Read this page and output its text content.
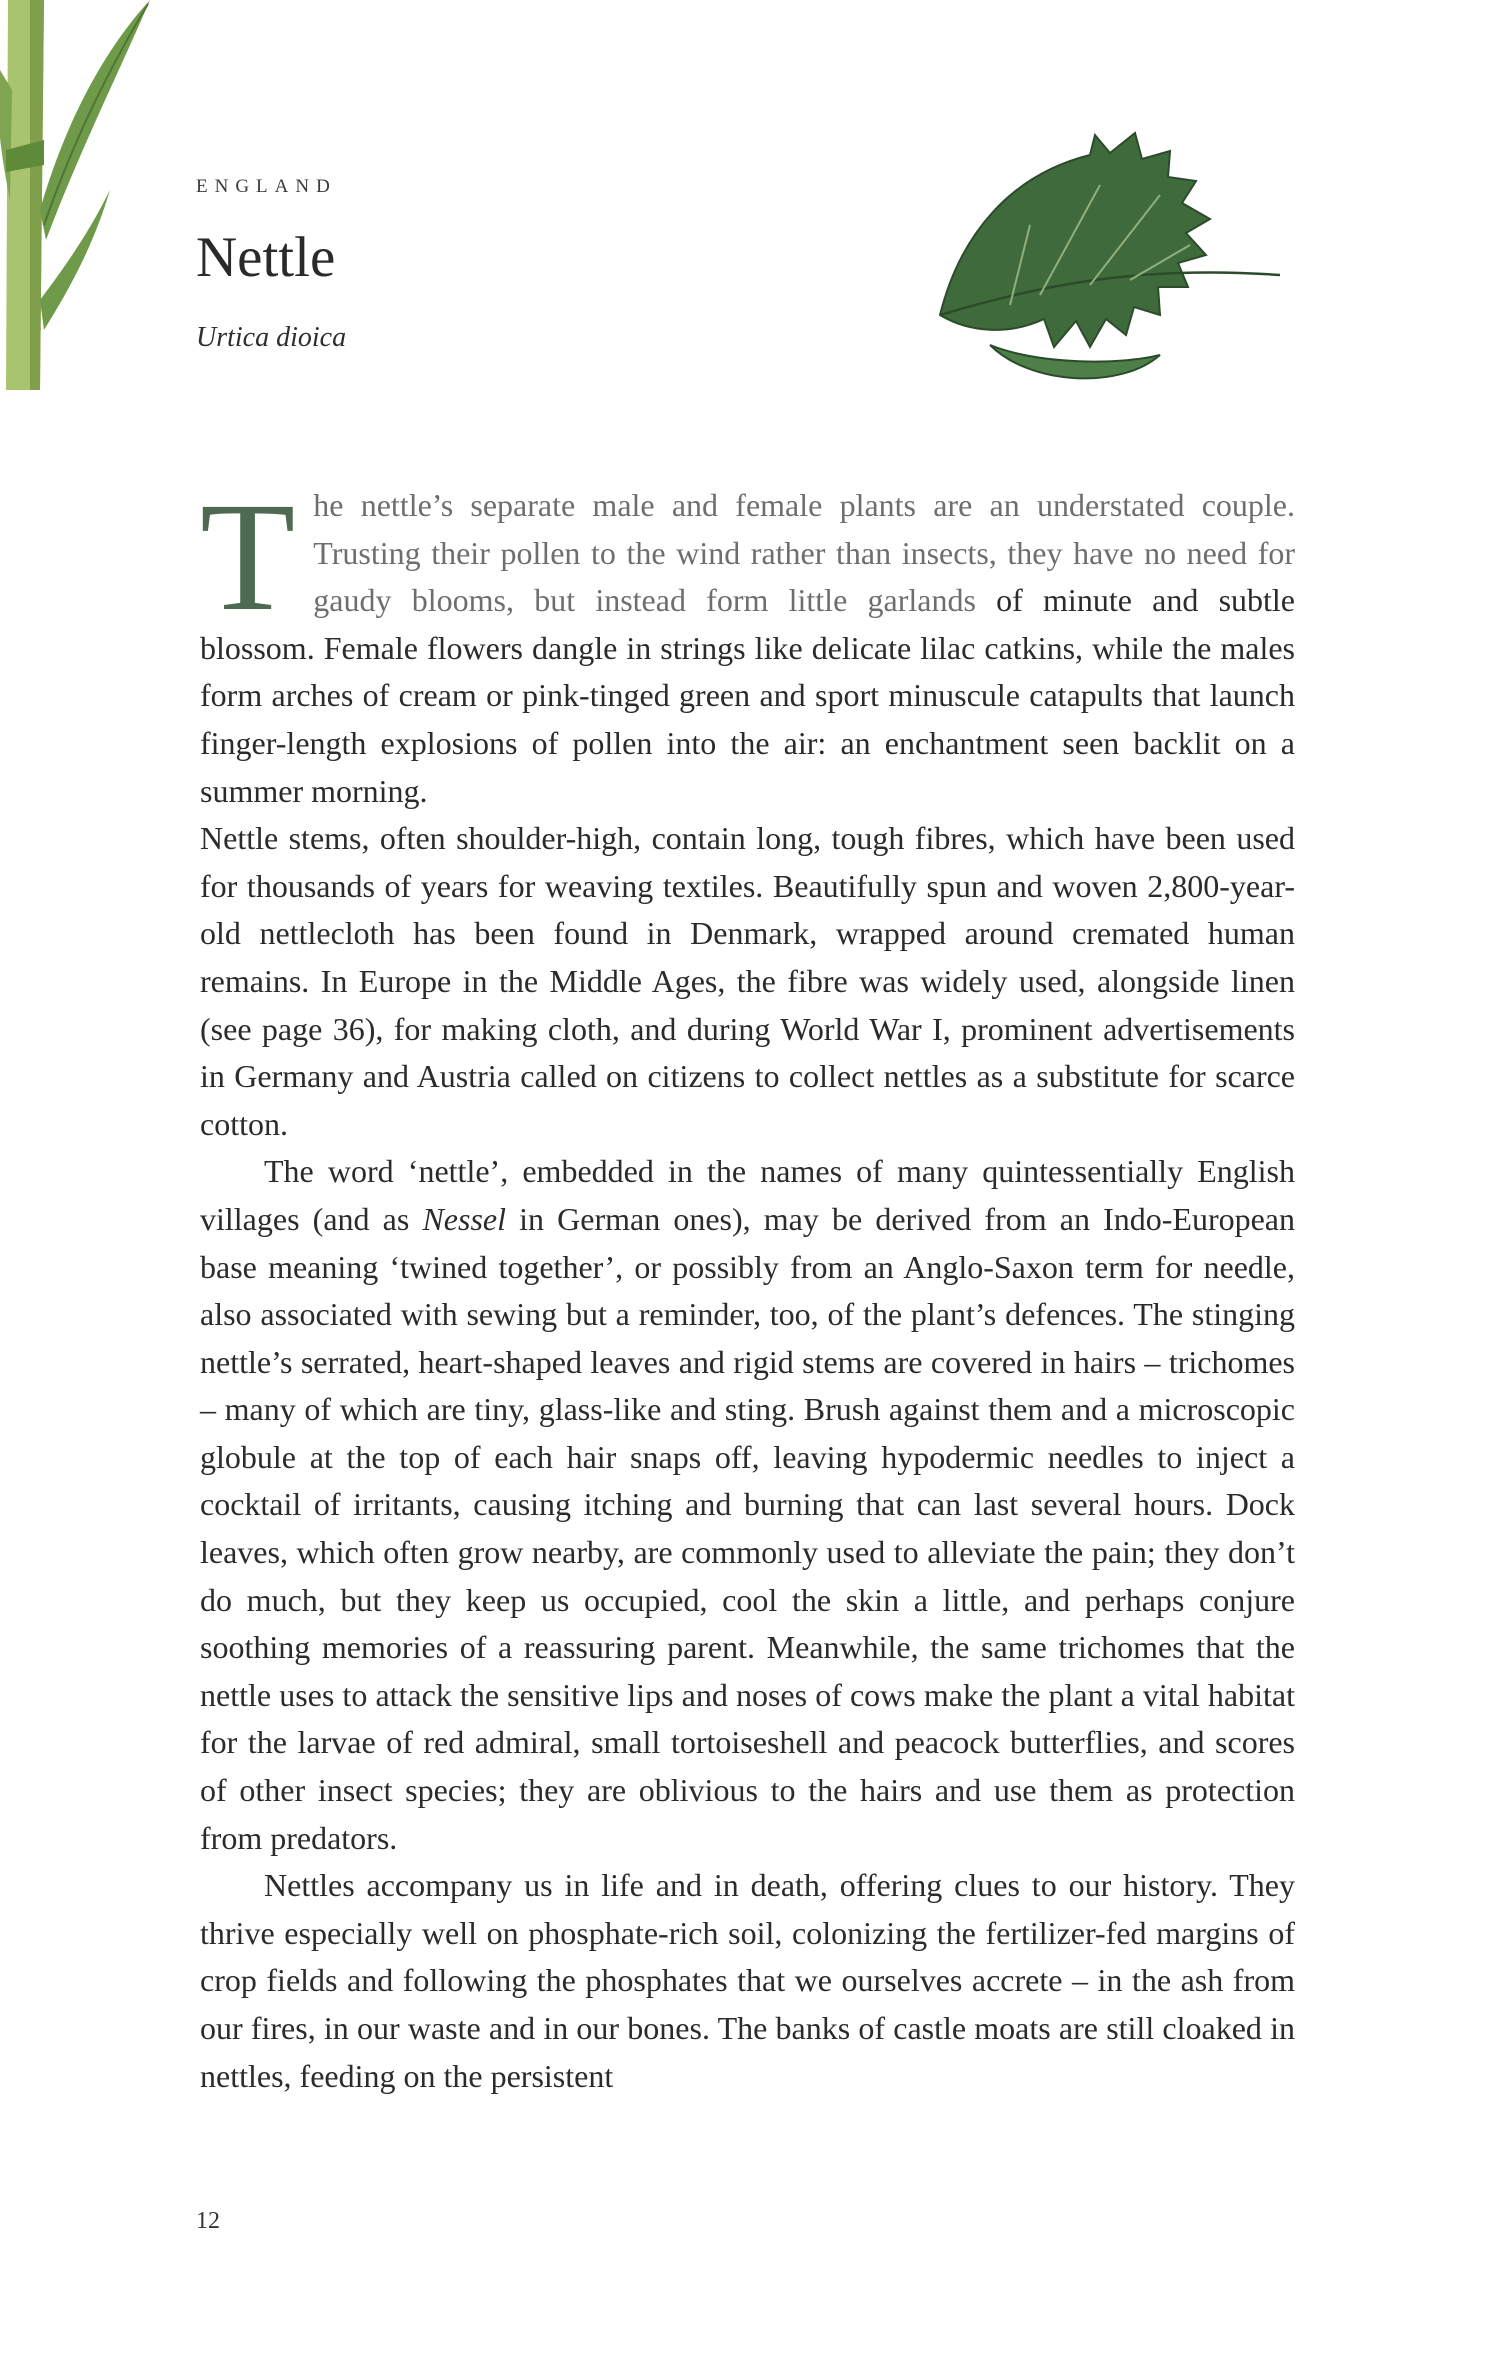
ENGLAND
Nettle
Urtica dioica

The nettle’s separate male and female plants are an understated couple. Trusting their pollen to the wind rather than insects, they have no need for gaudy blooms, but instead form little garlands of minute and subtle blossom. Female flowers dangle in strings like delicate lilac catkins, while the males form arches of cream or pink-tinged green and sport minuscule catapults that launch finger-length explosions of pollen into the air: an enchantment seen backlit on a summer morning.

Nettle stems, often shoulder-high, contain long, tough fibres, which have been used for thousands of years for weaving textiles. Beautifully spun and woven 2,800-year-old nettlecloth has been found in Denmark, wrapped around cremated human remains. In Europe in the Middle Ages, the fibre was widely used, alongside linen (see page 36), for making cloth, and during World War I, prominent advertisements in Germany and Austria called on citizens to collect nettles as a substitute for scarce cotton.

The word ‘nettle’, embedded in the names of many quintessentially English villages (and as Nessel in German ones), may be derived from an Indo-European base meaning ‘twined together’, or possibly from an Anglo-Saxon term for needle, also associated with sewing but a reminder, too, of the plant’s defences. The stinging nettle’s serrated, heart-shaped leaves and rigid stems are covered in hairs – trichomes – many of which are tiny, glass-like and sting. Brush against them and a microscopic globule at the top of each hair snaps off, leaving hypodermic needles to inject a cocktail of irritants, causing itching and burning that can last several hours. Dock leaves, which often grow nearby, are commonly used to alleviate the pain; they don’t do much, but they keep us occupied, cool the skin a little, and perhaps conjure soothing memories of a reassuring parent. Meanwhile, the same trichomes that the nettle uses to attack the sensitive lips and noses of cows make the plant a vital habitat for the larvae of red admiral, small tortoiseshell and peacock butterflies, and scores of other insect species; they are oblivious to the hairs and use them as protection from predators.

Nettles accompany us in life and in death, offering clues to our history. They thrive especially well on phosphate-rich soil, colonizing the fertilizer-fed margins of crop fields and following the phosphates that we ourselves accrete – in the ash from our fires, in our waste and in our bones. The banks of castle moats are still cloaked in nettles, feeding on the persistent

12
